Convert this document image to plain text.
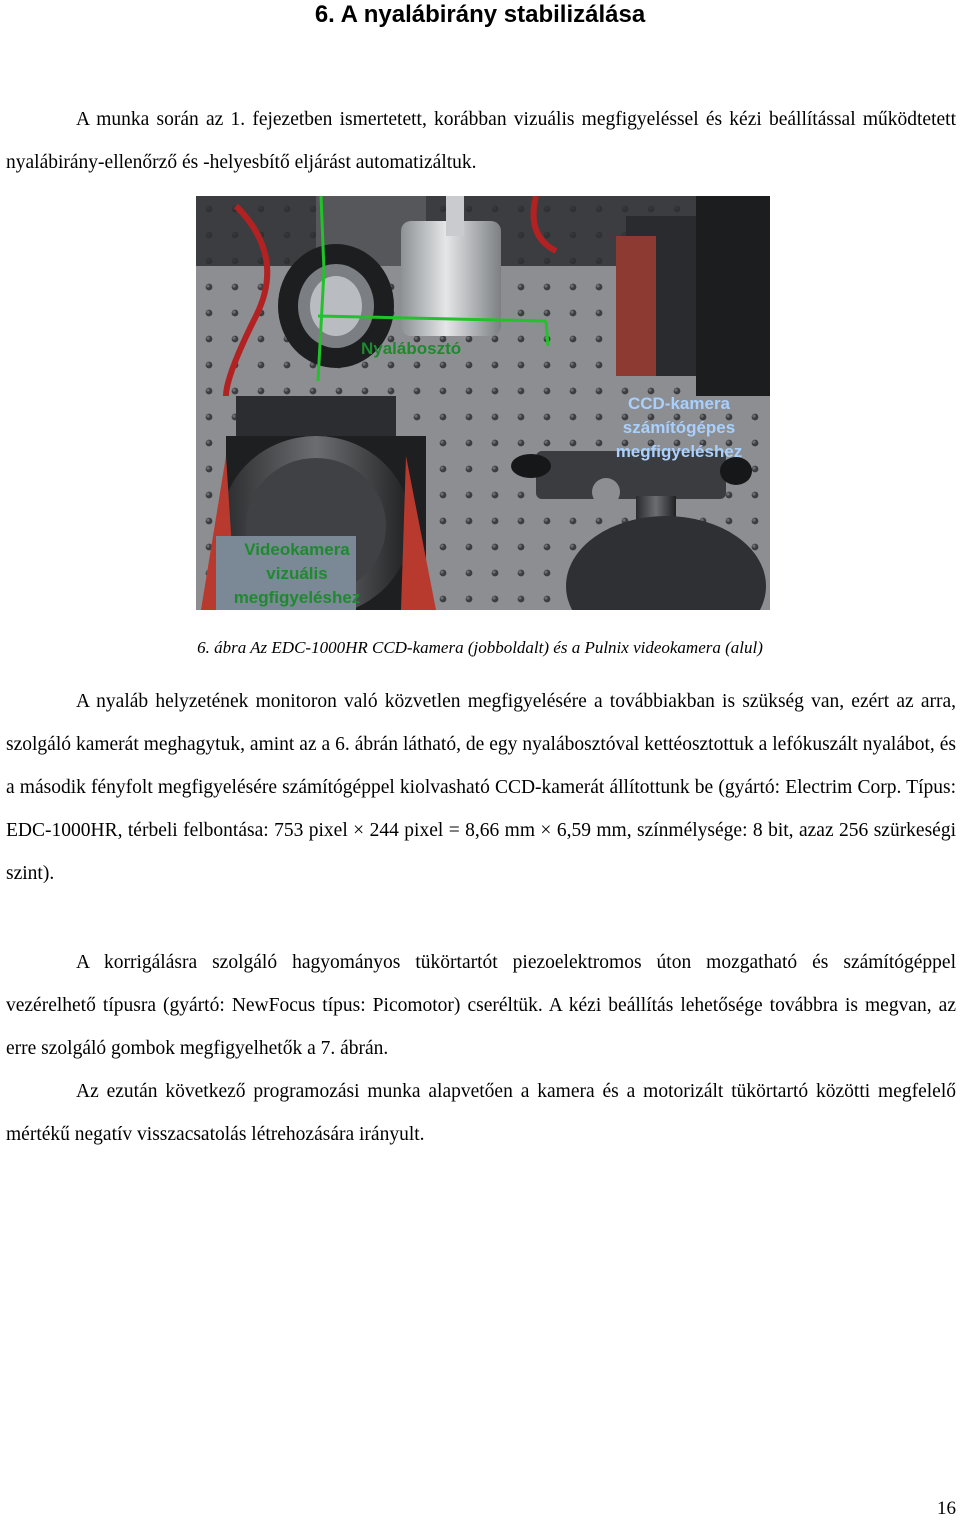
6. A nyalábirány stabilizálása

A munka során az 1. fejezetben ismertetett, korábban vizuális megfigyeléssel és kézi beállítással működtetett nyalábirány-ellenőrző és -helyesbítő eljárást automatizáltuk.

Nyalábosztó
CCD-kamera
számítógépes
megfigyeléshez
Videokamera
vizuális
megfigyeléshez

6. ábra Az EDC-1000HR CCD-kamera (jobboldalt) és a Pulnix videokamera (alul)

A nyaláb helyzetének monitoron való közvetlen megfigyelésére a továbbiakban is szükség van, ezért az arra, szolgáló kamerát meghagytuk, amint az a 6. ábrán látható, de egy nyalábosztóval kettéosztottuk a lefókuszált nyalábot, és a második fényfolt megfigyelésére számítógéppel kiolvasható CCD-kamerát állítottunk be (gyártó: Electrim Corp. Típus: EDC-1000HR, térbeli felbontása: 753 pixel × 244 pixel = 8,66 mm × 6,59 mm, színmélysége: 8 bit, azaz 256 szürkeségi szint).

A korrigálásra szolgáló hagyományos tükörtartót piezoelektromos úton mozgatható és számítógéppel vezérelhető típusra (gyártó: NewFocus típus: Picomotor) cseréltük. A kézi beállítás lehetősége továbbra is megvan, az erre szolgáló gombok megfigyelhetők a 7. ábrán.

Az ezután következő programozási munka alapvetően a kamera és a motorizált tükörtartó közötti megfelelő mértékű negatív visszacsatolás létrehozására irányult.

16
